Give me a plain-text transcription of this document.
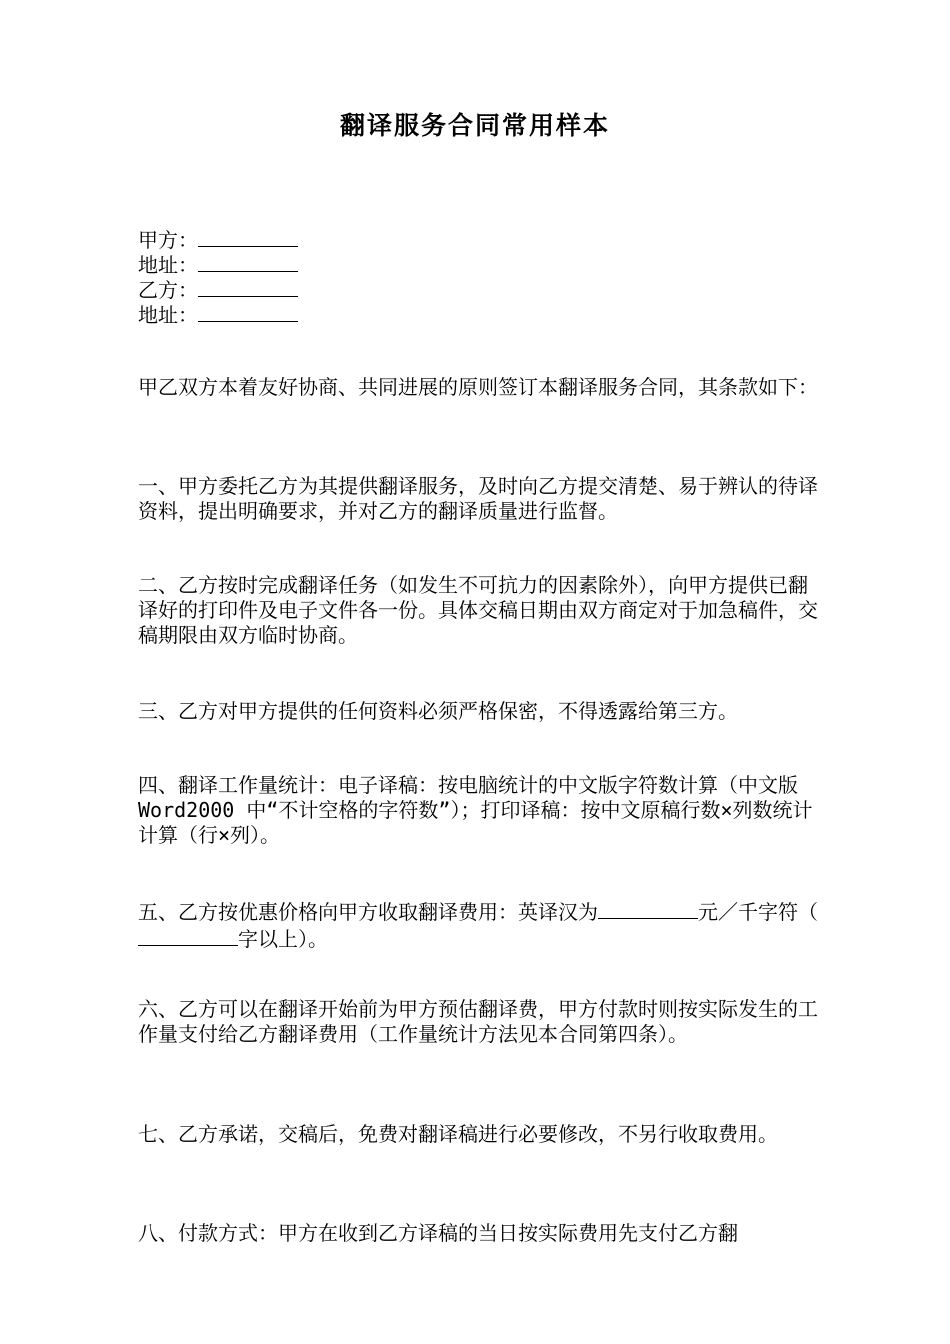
翻译服务合同常用样本
甲方：
地址：
乙方：
地址：

甲乙双方本着友好协商、共同进展的原则签订本翻译服务合同，其条款如下：

一、甲方委托乙方为其提供翻译服务，及时向乙方提交清楚、易于辨认的待译资料，提出明确要求，并对乙方的翻译质量进行监督。

二、乙方按时完成翻译任务（如发生不可抗力的因素除外），向甲方提供已翻译好的打印件及电子文件各一份。具体交稿日期由双方商定对于加急稿件，交稿期限由双方临时协商。

三、乙方对甲方提供的任何资料必须严格保密，不得透露给第三方。

四、翻译工作量统计：电子译稿：按电脑统计的中文版字符数计算（中文版 Word2000 中“不计空格的字符数”）；打印译稿：按中文原稿行数×列数统计计算（行×列）。

五、乙方按优惠价格向甲方收取翻译费用：英译汉为	元／千字符（字以上）。

六、乙方可以在翻译开始前为甲方预估翻译费，甲方付款时则按实际发生的工作量支付给乙方翻译费用（工作量统计方法见本合同第四条）。

七、乙方承诺，交稿后，免费对翻译稿进行必要修改，不另行收取费用。

八、付款方式：甲方在收到乙方译稿的当日按实际费用先支付乙方翻
